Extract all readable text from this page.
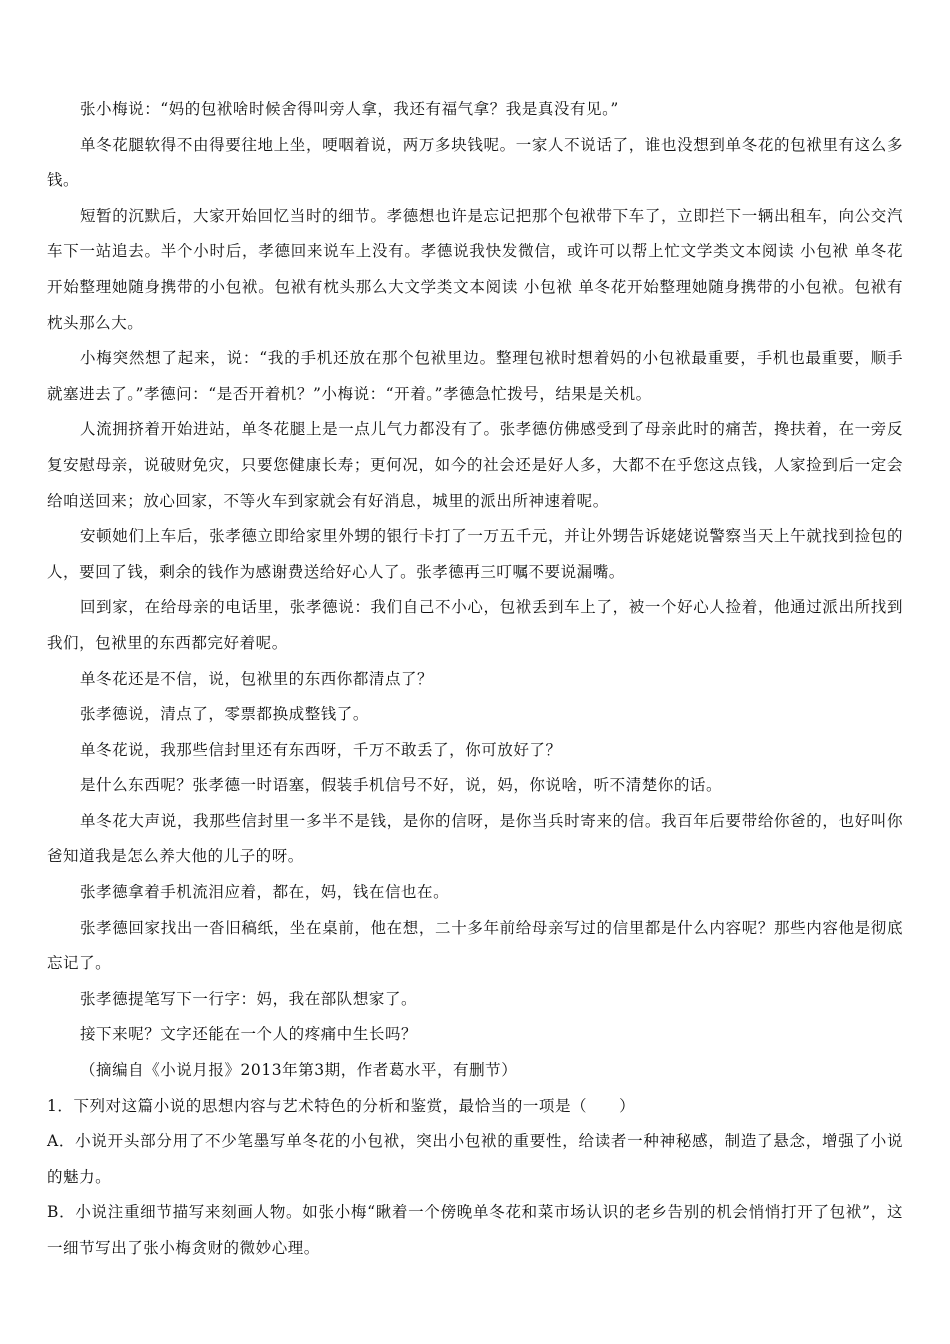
张小梅说：“妈的包袱啥时候舍得叫旁人拿，我还有福气拿？我是真没有见。”

单冬花腿软得不由得要往地上坐，哽咽着说，两万多块钱呢。一家人不说话了，谁也没想到单冬花的包袱里有这么多钱。

短暂的沉默后，大家开始回忆当时的细节。孝德想也许是忘记把那个包袱带下车了，立即拦下一辆出租车，向公交汽车下一站追去。半个小时后，孝德回来说车上没有。孝德说我快发微信，或许可以帮上忙文学类文本阅读 小包袱 单冬花开始整理她随身携带的小包袱。包袱有枕头那么大文学类文本阅读 小包袱 单冬花开始整理她随身携带的小包袱。包袱有枕头那么大。

小梅突然想了起来，说：“我的手机还放在那个包袱里边。整理包袱时想着妈的小包袱最重要，手机也最重要，顺手就塞进去了。”孝德问：“是否开着机？”小梅说：“开着。”孝德急忙拨号，结果是关机。

人流拥挤着开始进站，单冬花腿上是一点儿气力都没有了。张孝德仿佛感受到了母亲此时的痛苦，搀扶着，在一旁反复安慰母亲，说破财免灾，只要您健康长寿；更何况，如今的社会还是好人多，大都不在乎您这点钱，人家捡到后一定会给咱送回来；放心回家，不等火车到家就会有好消息，城里的派出所神速着呢。

安顿她们上车后，张孝德立即给家里外甥的银行卡打了一万五千元，并让外甥告诉姥姥说警察当天上午就找到捡包的人，要回了钱，剩余的钱作为感谢费送给好心人了。张孝德再三叮嘱不要说漏嘴。

回到家，在给母亲的电话里，张孝德说：我们自己不小心，包袱丢到车上了，被一个好心人捡着，他通过派出所找到我们，包袱里的东西都完好着呢。

单冬花还是不信，说，包袱里的东西你都清点了？

张孝德说，清点了，零票都换成整钱了。

单冬花说，我那些信封里还有东西呀，千万不敢丢了，你可放好了？

是什么东西呢？张孝德一时语塞，假装手机信号不好，说，妈，你说啥，听不清楚你的话。

单冬花大声说，我那些信封里一多半不是钱，是你的信呀，是你当兵时寄来的信。我百年后要带给你爸的，也好叫你爸知道我是怎么养大他的儿子的呀。

张孝德拿着手机流泪应着，都在，妈，钱在信也在。

张孝德回家找出一沓旧稿纸，坐在桌前，他在想，二十多年前给母亲写过的信里都是什么内容呢？那些内容他是彻底忘记了。

张孝德提笔写下一行字：妈，我在部队想家了。

接下来呢？文字还能在一个人的疼痛中生长吗？

（摘编自《小说月报》2013年第3期，作者葛水平，有删节）

1．下列对这篇小说的思想内容与艺术特色的分析和鉴赏，最恰当的一项是（　　）

A．小说开头部分用了不少笔墨写单冬花的小包袱，突出小包袱的重要性，给读者一种神秘感，制造了悬念，增强了小说的魅力。

B．小说注重细节描写来刻画人物。如张小梅“瞅着一个傍晚单冬花和菜市场认识的老乡告别的机会悄悄打开了包袱”，这一细节写出了张小梅贪财的微妙心理。
